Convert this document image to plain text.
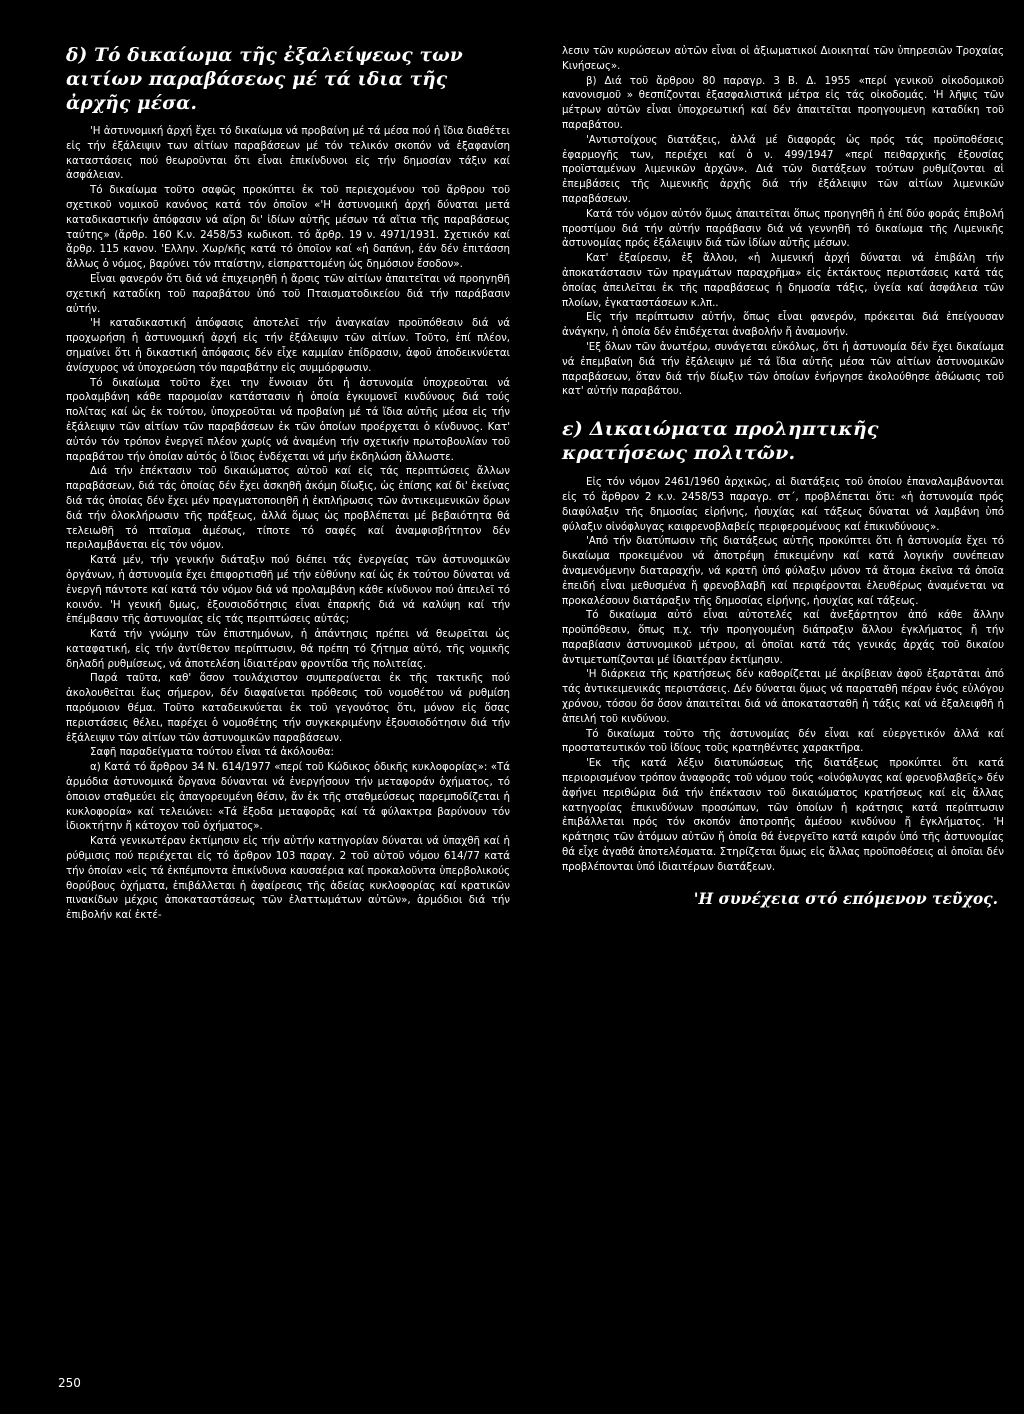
δ) Τό δικαίωμα τῆς ἐξαλείψεως των αιτίων παραβάσεως μέ τά ιδια τῆς ἀρχῆς μέσα.

'Η ἀστυνομική ἀρχή ἔχει τό δικαίωμα νά προβαίνη μέ τά μέσα πού ἡ ἴδια διαθέτει εἰς τήν ἐξάλειψιν των αἰτίων παραβάσεων μέ τόν τελικόν σκοπόν νά ἐξαφανίση καταστάσεις πού θεωροῦνται ὅτι εἶναι ἐπικίνδυνοι εἰς τήν δημοσίαν τάξιν καί ἀσφάλειαν.

Τό δικαίωμα τοῦτο σαφῶς προκύπτει ἐκ τοῦ περιεχομένου τοῦ ἄρθρου τοῦ σχετικοῦ νομικοῦ κανόνος κατά τόν ὁποῖον «'Η ἀστυνομική ἀρχή δύναται μετά καταδικαστικήν ἀπόφασιν νά αἴρη δι' ἰδίων αὐτῆς μέσων τά αἴτια τῆς παραβάσεως ταύτης» (ἄρθρ. 160 Κ.ν. 2458/53 κωδικοπ. τό ἄρθρ. 19 ν. 4971/1931. Σχετικόν καί ἄρθρ. 115 κανον. 'Ελλην. Χωρ/κῆς κατά τό ὁποῖον καί «ἡ δαπάνη, ἐάν δέν ἐπιτάσση ἄλλως ὁ νόμος, βαρύνει τόν πταίστην, εἰσπραττομένη ὡς δημόσιον ἔσοδον».

Εἶναι φανερόν ὅτι διά νά ἐπιχειρηθῆ ἡ ἄρσις τῶν αἰτίων ἀπαιτεῖται νά προηγηθῆ σχετική καταδίκη τοῦ παραβάτου ὑπό τοῦ Πταισματοδικείου διά τήν παράβασιν αὐτήν.

'Η καταδικαστική ἀπόφασις ἀποτελεῖ τήν ἀναγκαίαν προϋπόθεσιν διά νά προχωρήση ἡ ἀστυνομική ἀρχή εἰς τήν ἐξάλειψιν τῶν αἰτίων. Τοῦτο, ἐπί πλέον, σημαίνει ὅτι ἡ δικαστική ἀπόφασις δέν εἶχε καμμίαν ἐπίδρασιν, ἀφοῦ ἀποδεικνύεται ἀνίσχυρος νά ὑποχρεώση τόν παραβάτην εἰς συμμόρφωσιν.

Τό δικαίωμα τοῦτο ἔχει την ἔννοιαν ὅτι ἡ ἀστυνομία ὑποχρεοῦται νά προλαμβάνη κάθε παρομοίαν κατάστασιν ἡ ὁποία ἐγκυμονεῖ κινδύνους διά τούς πολίτας καί ὡς ἐκ τούτου, ὑποχρεοῦται νά προβαίνη μέ τά ἴδια αὐτῆς μέσα εἰς τήν ἐξάλειψιν τῶν αἰτίων τῶν παραβάσεων ἐκ τῶν ὁποίων προέρχεται ὁ κίνδυνος. Κατ' αὐτόν τόν τρόπον ἐνεργεῖ πλέον χωρίς νά ἀναμένη τήν σχετικήν πρωτοβουλίαν τοῦ παραβάτου τήν ὁποίαν αὐτός ὁ ἴδιος ἐνδέχεται νά μήν ἐκδηλώση ἄλλωστε.

Διά τήν ἐπέκτασιν τοῦ δικαιώματος αὐτοῦ καί εἰς τάς περιπτώσεις ἄλλων παραβάσεων, διά τάς ὁποίας δέν ἔχει ἀσκηθῆ ἀκόμη δίωξις, ὡς ἐπίσης καί δι' ἐκείνας διά τάς ὁποίας δέν ἔχει μέν πραγματοποιηθῆ ἡ ἐκπλήρωσις τῶν ἀντικειμενικῶν ὅρων διά τήν ὁλοκλήρωσιν τῆς πράξεως, ἀλλά ὅμως ὡς προβλέπεται μέ βεβαιότητα θά τελειωθῆ τό πταῖσμα ἀμέσως, τίποτε τό σαφές καί ἀναμφισβήτητον δέν περιλαμβάνεται εἰς τόν νόμον.

Κατά μέν, τήν γενικήν διάταξιν πού διέπει τάς ἐνεργείας τῶν ἀστυνομικῶν ὀργάνων, ἡ ἀστυνομία ἔχει ἐπιφορτισθῆ μέ τήν εὐθύνην καί ὡς ἐκ τούτου δύναται νά ἐνεργῆ πάντοτε καί κατά τόν νόμον διά νά προλαμβάνη κάθε κίνδυνον πού ἀπειλεῖ τό κοινόν. 'Η γενική δμως, ἐξουσιοδότησις εἶναι ἐπαρκής διά νά καλύψη καί τήν ἐπέμβασιν τῆς ἀστυνομίας εἰς τάς περιπτώσεις αὐτάς;

Κατά τήν γνώμην τῶν ἐπιστημόνων, ἡ ἀπάντησις πρέπει νά θεωρεῖται ὡς καταφατική, εἰς τήν ἀντίθετον περίπτωσιν, θά πρέπη τό ζήτημα αὐτό, τῆς νομικῆς δηλαδή ρυθμίσεως, νά ἀποτελέση ἰδιαιτέραν φροντίδα τῆς πολιτείας.

Παρά ταῦτα, καθ' ὅσον τουλάχιστον συμπεραίνεται ἐκ τῆς τακτικῆς πού ἀκολουθεῖται ἕως σήμερον, δέν διαφαίνεται πρόθεσις τοῦ νομοθέτου νά ρυθμίση παρόμοιον θέμα. Τοῦτο καταδεικνύεται ἐκ τοῦ γεγονότος ὅτι, μόνον εἰς ὅσας περιστάσεις θέλει, παρέχει ὁ νομοθέτης τήν συγκεκριμένην ἐξουσιοδότησιν διά τήν ἐξάλειψιν τῶν αἰτίων τῶν ἀστυνομικῶν παραβάσεων.

Σαφῆ παραδείγματα τούτου εἶναι τά ἀκόλουθα:

α) Κατά τό ἄρθρον 34 Ν. 614/1977 «περί τοῦ Κώδικος ὁδικῆς κυκλοφορίας»: «Τά ἁρμόδια ἀστυνομικά ὄργανα δύνανται νά ἐνεργήσουν τήν μεταφοράν ὀχήματος, τό ὁποιον σταθμεύει εἰς ἀπαγορευμένη θέσιν, ἄν ἐκ τῆς σταθμεύσεως παρεμποδίζεται ἡ κυκλοφορία» καί τελειώνει: «Τά ἔξοδα μεταφορᾶς καί τά φύλακτρα βαρύνουν τόν ἰδιοκτήτην ἤ κάτοχον τοῦ ὀχήματος».

Κατά γενικωτέραν ἐκτίμησιν εἰς τήν αὐτήν κατηγορίαν δύναται νά ὑπαχθῆ καί ἡ ρύθμισις πού περιέχεται εἰς τό ἄρθρον 103 παραγ. 2 τοῦ αὐτοῦ νόμου 614/77 κατά τήν ὁποίαν «εἰς τά ἐκπέμποντα ἐπικίνδυνα καυσαέρια καί προκαλοῦντα ὑπερβολικούς θορύβους ὀχήματα, ἐπιβάλλεται ἡ ἀφαίρεσις τῆς ἀδείας κυκλοφορίας καί κρατικῶν πινακίδων μέχρις ἀποκαταστάσεως τῶν ἐλαττωμάτων αὐτῶν», ἁρμόδιοι διά τήν ἐπιβολήν καί ἐκτέ-

λεσιν τῶν κυρώσεων αὐτῶν εἶναι οἱ ἀξιωματικοί Διοικηταί τῶν ὑπηρεσιῶν Τροχαίας Κινήσεως».

β) Διά τοῦ ἄρθρου 80 παραγρ. 3 Β. Δ. 1955 «περί γενικοῦ οἰκοδομικοῦ κανονισμοῦ » θεσπίζονται ἐξασφαλιστικά μέτρα εἰς τάς οἰκοδομάς. 'Η λῆψις τῶν μέτρων αὐτῶν εἶναι ὑποχρεωτική καί δέν ἀπαιτεῖται προηγουμενη καταδίκη τοῦ παραβάτου.

'Αντιστοίχους διατάξεις, ἀλλά μέ διαφοράς ὡς πρός τάς προϋποθέσεις ἐφαρμογῆς των, περιέχει καί ὁ ν. 499/1947 «περί πειθαρχικῆς ἐξουσίας προϊσταμένων λιμενικῶν ἀρχῶν». Διά τῶν διατάξεων τούτων ρυθμίζονται αἱ ἐπεμβάσεις τῆς λιμενικῆς ἀρχῆς διά τήν ἐξάλειψιν τῶν αἰτίων λιμενικῶν παραβάσεων.

Κατά τόν νόμον αὐτόν ὅμως ἀπαιτεῖται ὅπως προηγηθῆ ἡ ἐπί δύο φοράς ἐπιβολή προστίμου διά τήν αὐτήν παράβασιν διά νά γεννηθῆ τό δικαίωμα τῆς Λιμενικῆς ἀστυνομίας πρός ἐξάλειψιν διά τῶν ἰδίων αὐτῆς μέσων.

Κατ' ἐξαίρεσιν, ἐξ ἄλλου, «ἡ λιμενική ἀρχή δύναται νά ἐπιβάλη τήν ἀποκατάστασιν τῶν πραγμάτων παραχρῆμα» εἰς ἐκτάκτους περιστάσεις κατά τάς ὁποίας ἀπειλεῖται ἐκ τῆς παραβάσεως ἡ δημοσία τάξις, ὑγεία καί ἀσφάλεια τῶν πλοίων, ἐγκαταστάσεων κ.λπ..

Εἰς τήν περίπτωσιν αὐτήν, ὅπως εἶναι φανερόν, πρόκειται διά ἐπείγουσαν ἀνάγκην, ἡ ὁποία δέν ἐπιδέχεται ἀναβολήν ἤ ἀναμονήν.

'Εξ ὅλων τῶν ἀνωτέρω, συνάγεται εὐκόλως, ὅτι ἡ ἀστυνομία δέν ἔχει δικαίωμα νά ἐπεμβαίνη διά τήν ἐξάλειψιν μέ τά ἴδια αὐτῆς μέσα τῶν αἰτίων ἀστυνομικῶν παραβάσεων, ὅταν διά τήν δίωξιν τῶν ὁποίων ἐνήργησε ἀκολούθησε ἀθώωσις τοῦ κατ' αὐτήν παραβάτου.

ε) Δικαιώματα προληπτικῆς κρατήσεως πολιτῶν.

Εἰς τόν νόμον 2461/1960 ἀρχικῶς, αἱ διατάξεις τοῦ ὁποίου ἐπαναλαμβάνονται εἰς τό ἄρθρον 2 κ.ν. 2458/53 παραγρ. στ΄, προβλέπεται ὅτι: «ἡ ἀστυνομία πρός διαφύλαξιν τῆς δημοσίας εἰρήνης, ἡσυχίας καί τάξεως δύναται νά λαμβάνη ὑπό φύλαξιν οἰνόφλυγας καιφρενοβλαβείς περιφερομένους καί ἐπικινδύνους».

'Από τήν διατύπωσιν τῆς διατάξεως αὐτῆς προκύπτει ὅτι ἡ ἀστυνομία ἔχει τό δικαίωμα προκειμένου νά ἀποτρέψη ἐπικειμένην καί κατά λογικήν συνέπειαν ἀναμενόμενην διαταραχήν, νά κρατῆ ὑπό φύλαξιν μόνον τά ἄτομα ἐκεῖνα τά ὁποῖα ἐπειδή εἶναι μεθυσμένα ἤ φρενοβλαβῆ καί περιφέρονται ἐλευθέρως ἀναμένεται να προκαλέσουν διατάραξιν τῆς δημοσίας εἰρήνης, ἡσυχίας καί τάξεως.

Τό δικαίωμα αὐτό εἶναι αὐτοτελές καί ἀνεξάρτητον ἀπό κάθε ἄλλην προϋπόθεσιν, ὅπως π.χ. τήν προηγουμένη διάπραξιν ἄλλου ἐγκλήματος ἤ τήν παραβίασιν ἀστυνομικοῦ μέτρου, αἱ ὁποῖαι κατά τάς γενικάς ἀρχάς τοῦ δικαίου ἀντιμετωπίζονται μέ ἰδιαιτέραν ἐκτίμησιν.

'Η διάρκεια τῆς κρατήσεως δέν καθορίζεται μέ ἀκρίβειαν ἀφοῦ ἐξαρτᾶται ἀπό τάς ἀντικειμενικάς περιστάσεις. Δέν δύναται ὅμως νά παραταθῆ πέραν ἑνός εὐλόγου χρόνου, τόσου ὅσ ὅσον ἀπαιτεῖται διά νά ἀποκατασταθῆ ἡ τάξις καί νά ἐξαλειφθῆ ἡ ἀπειλή τοῦ κινδύνου.

Τό δικαίωμα τοῦτο τῆς ἀστυνομίας δέν εἶναι καί εὐεργετικόν ἀλλά καί προστατευτικόν τοῦ ἰδίους τοῦς κρατηθέντες χαρακτῆρα.

'Εκ τῆς κατά λέξιν διατυπώσεως τῆς διατάξεως προκύπτει ὅτι κατά περιορισμένον τρόπον ἀναφορᾶς τοῦ νόμου τούς «οἰνόφλυγας καί φρενοβλαβεῖς» δέν ἀφήνει περιθώρια διά τήν ἐπέκτασιν τοῦ δικαιώματος κρατήσεως καί εἰς ἄλλας κατηγορίας ἐπικινδύνων προσώπων, τῶν ὁποίων ἡ κράτησις κατά περίπτωσιν ἐπιβάλλεται πρός τόν σκοπόν ἀποτροπῆς ἀμέσου κινδύνου ἤ ἐγκλήματος. 'Η κράτησις τῶν ἀτόμων αὐτῶν ἤ ὁποία θά ἐνεργεῖτο κατά καιρόν ὑπό τῆς ἀστυνομίας θά εἶχε ἀγαθά ἀποτελέσματα. Στηρίζεται ὅμως εἰς ἄλλας προϋποθέσεις αἱ ὁποῖαι δέν προβλέπονται ὑπό ἰδιαιτέρων διατάξεων.

'Η συνέχεια στό επόμενον τεῦχος.
250
